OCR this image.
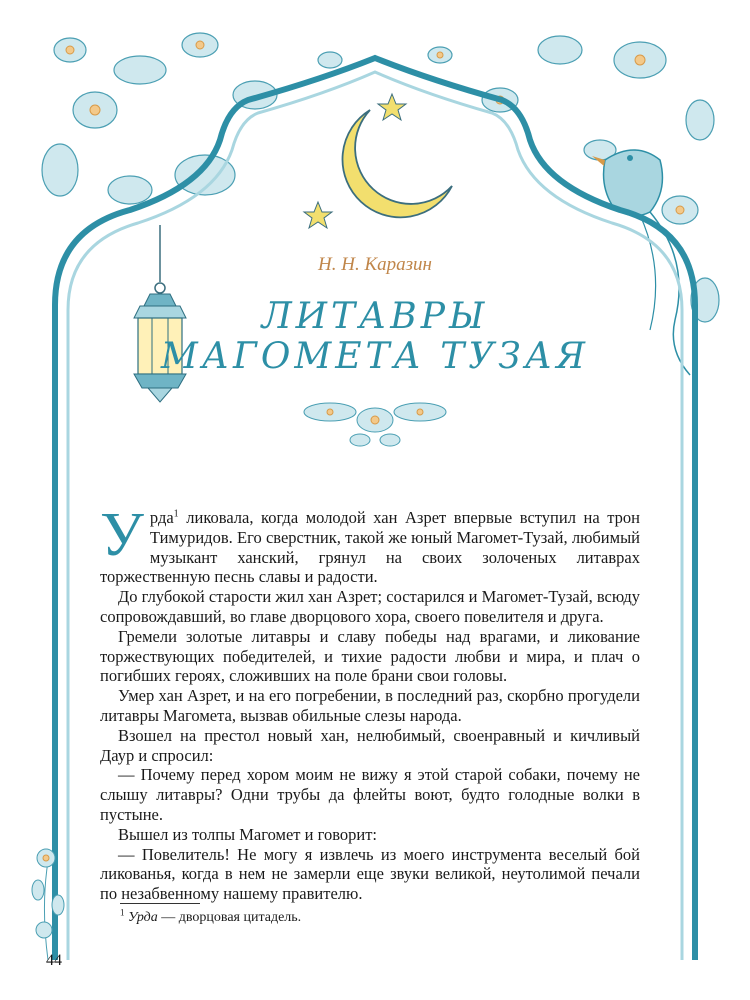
Н. Н. Каразин
ЛИТАВРЫ
МАГОМЕТА ТУЗАЯ

Урда$^1$ ликовала, когда молодой хан Азрет впервые вступил на трон Тимуридов. Его сверстник, такой же юный Магомет-Тузай, любимый музыкант ханский, грянул на своих золоченых литаврах торжественную песнь славы и радости.

До глубокой старости жил хан Азрет; состарился и Магомет-Тузай, всюду сопровождавший, во главе дворцового хора, своего повелителя и друга.

Гремели золотые литавры и славу победы над врагами, и ликование торжествующих победителей, и тихие радости любви и мира, и плач о погибших героях, сложивших на поле брани свои головы.

Умер хан Азрет, и на его погребении, в последний раз, скорбно прогудели литавры Магомета, вызвав обильные слезы народа.

Взошел на престол новый хан, нелюбимый, своенравный и кичливый Даур и спросил:

— Почему перед хором моим не вижу я этой старой собаки, почему не слышу литавры? Одни трубы да флейты воют, будто голодные волки в пустыне.

Вышел из толпы Магомет и говорит:

— Повелитель! Не могу я извлечь из моего инструмента веселый бой ликованья, когда в нем не замерли еще звуки великой, неутолимой печали по незабвенному нашему правителю.

$^1$ Урда — дворцовая цитадель.
44
